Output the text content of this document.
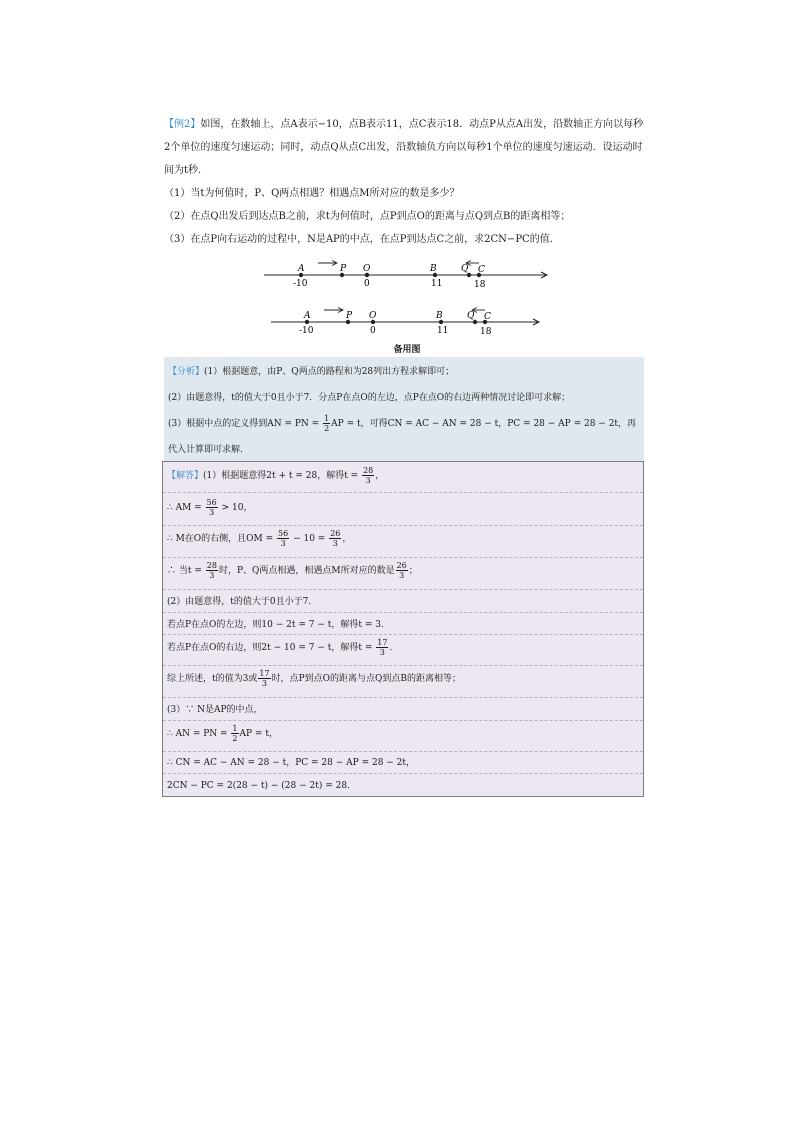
【例2】如图，在数轴上，点A表示−10，点B表示11，点C表示18．动点P从点A出发，沿数轴正方向以每秒2个单位的速度匀速运动；同时，动点Q从点C出发，沿数轴负方向以每秒1个单位的速度匀速运动．设运动时间为t秒．

（1）当t为何值时，P、Q两点相遇？相遇点M所对应的数是多少？

（2）在点Q出发后到达点B之前，求t为何值时，点P到点O的距离与点Q到点B的距离相等；

（3）在点P向右运动的过程中，N是AP的中点，在点P到达点C之前，求2CN−PC的值．

A	P O	B	Q C
-10	0	11	18
A	P O	B	Q C
-10	0	11	18
备用图

【分析】(1）根据题意，由P、Q两点的路程和为28列出方程求解即可；

(2）由题意得，t的值大于0且小于7．分点P在点O的左边，点P在点O的右边两种情况讨论即可求解；

(3）根据中点的定义得到AN = PN = $\frac{1}{2}$ AP = t，可得CN = AC − AN = 28 − t，PC = 28 − AP = 28 − 2t，再

代入计算即可求解．

【解答】(1）根据题意得2t + t = 28，解得$t = \frac{28}{3}$ ，
∴ AM = $\frac{56}{3} > 10$，
∴ M在O的右侧，且OM = $\frac{56}{3} - 10 = \frac{26}{3}$ ，
∴ 当$t = \frac{28}{3}$ 时，P、Q两点相遇，相遇点M所对应的数是 $\frac{26}{3}$ ；
(2）由题意得，t的值大于0且小于7．
若点P在点O的左边，则10 − 2t = 7 − t，解得t = 3．
若点P在点O的右边，则2t − 10 = 7 − t，解得$t = \frac{17}{3}$ ．
综上所述，t的值为3或 $\frac{17}{3}$ 时，点P到点O的距离与点Q到点B的距离相等；
(3）∵ N是AP的中点，
∴ AN = PN = $\frac{1}{2}$ AP = t，
∴ CN = AC − AN = 28 − t，PC = 28 − AP = 28 − 2t，
2CN − PC = 2(28 − t) − (28 − 2t) = 28．
